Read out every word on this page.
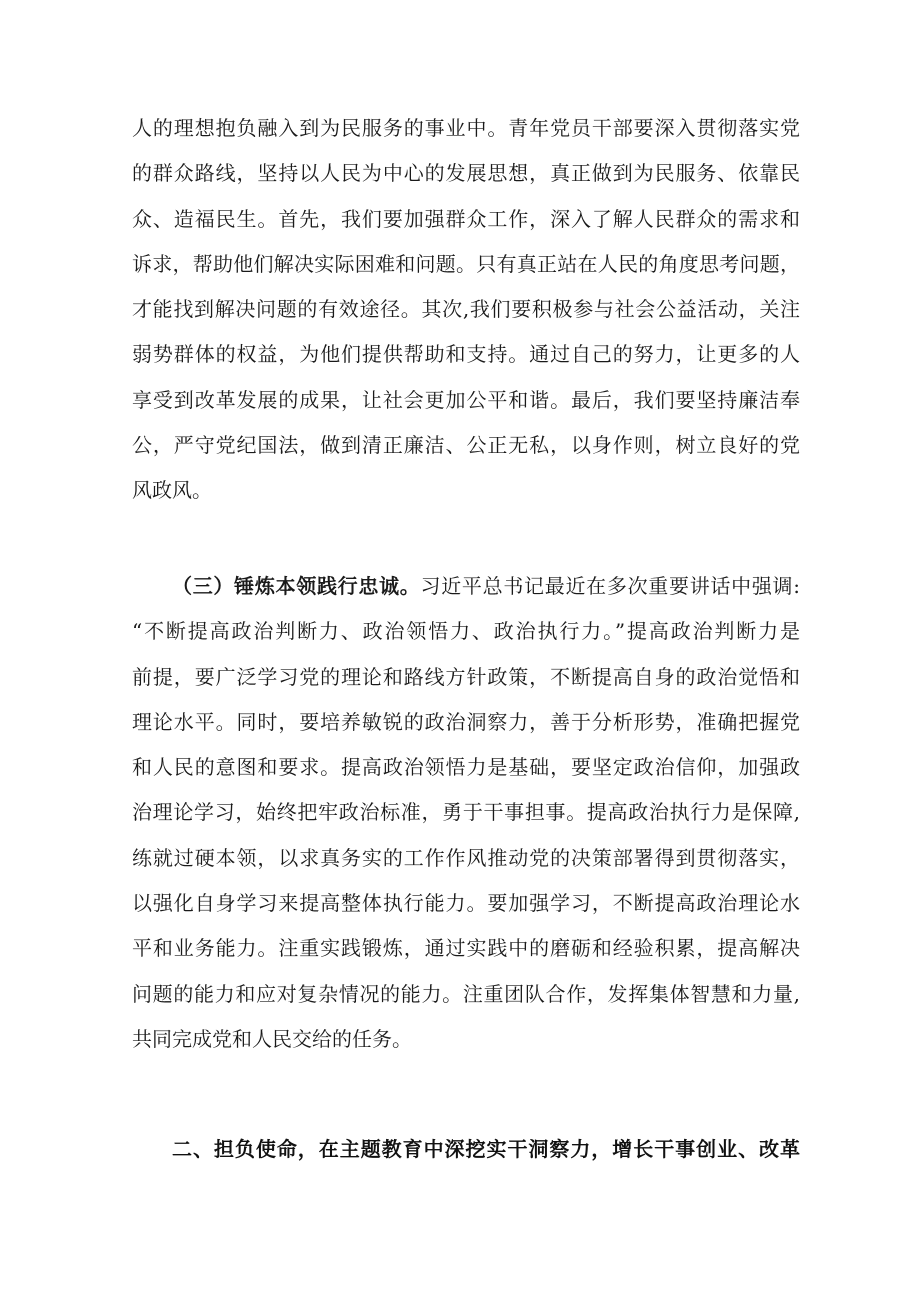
人的理想抱负融入到为民服务的事业中。青年党员干部要深入贯彻落实党
的群众路线，坚持以人民为中心的发展思想，真正做到为民服务、依靠民
众、造福民生。首先，我们要加强群众工作，深入了解人民群众的需求和
诉求，帮助他们解决实际困难和问题。只有真正站在人民的角度思考问题，
才能找到解决问题的有效途径。其次,我们要积极参与社会公益活动，关注
弱势群体的权益，为他们提供帮助和支持。通过自己的努力，让更多的人
享受到改革发展的成果，让社会更加公平和谐。最后，我们要坚持廉洁奉
公，严守党纪国法，做到清正廉洁、公正无私，以身作则，树立良好的党
风政风。
（三）锤炼本领践行忠诚。习近平总书记最近在多次重要讲话中强调:
“不断提高政治判断力、政治领悟力、政治执行力。”提高政治判断力是
前提，要广泛学习党的理论和路线方针政策，不断提高自身的政治觉悟和
理论水平。同时，要培养敏锐的政治洞察力，善于分析形势，准确把握党
和人民的意图和要求。提高政治领悟力是基础，要坚定政治信仰，加强政
治理论学习，始终把牢政治标准，勇于干事担事。提高政治执行力是保障,
练就过硬本领，以求真务实的工作作风推动党的决策部署得到贯彻落实，
以强化自身学习来提高整体执行能力。要加强学习，不断提高政治理论水
平和业务能力。注重实践锻炼，通过实践中的磨砺和经验积累，提高解决
问题的能力和应对复杂情况的能力。注重团队合作，发挥集体智慧和力量,
共同完成党和人民交给的任务。
二、担负使命，在主题教育中深挖实干洞察力，增长干事创业、改革
